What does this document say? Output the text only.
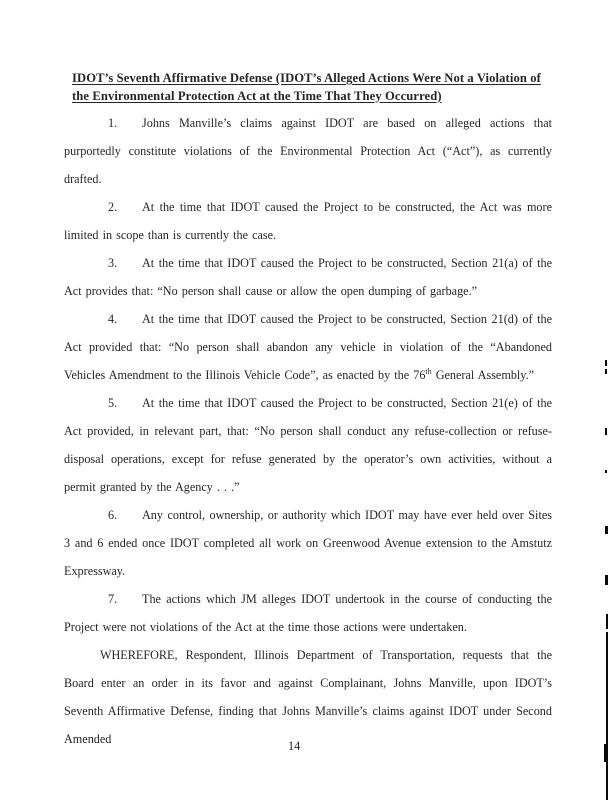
IDOT’s Seventh Affirmative Defense (IDOT’s Alleged Actions Were Not a Violation of the Environmental Protection Act at the Time That They Occurred)

1. Johns Manville’s claims against IDOT are based on alleged actions that purportedly constitute violations of the Environmental Protection Act (“Act”), as currently drafted.

2. At the time that IDOT caused the Project to be constructed, the Act was more limited in scope than is currently the case.

3. At the time that IDOT caused the Project to be constructed, Section 21(a) of the Act provides that: “No person shall cause or allow the open dumping of garbage.”

4. At the time that IDOT caused the Project to be constructed, Section 21(d) of the Act provided that: “No person shall abandon any vehicle in violation of the “Abandoned Vehicles Amendment to the Illinois Vehicle Code”, as enacted by the 76th General Assembly.”

5. At the time that IDOT caused the Project to be constructed, Section 21(e) of the Act provided, in relevant part, that: “No person shall conduct any refuse-collection or refuse-disposal operations, except for refuse generated by the operator’s own activities, without a permit granted by the Agency . . .”

6. Any control, ownership, or authority which IDOT may have ever held over Sites 3 and 6 ended once IDOT completed all work on Greenwood Avenue extension to the Amstutz Expressway.

7. The actions which JM alleges IDOT undertook in the course of conducting the Project were not violations of the Act at the time those actions were undertaken.

WHEREFORE, Respondent, Illinois Department of Transportation, requests that the Board enter an order in its favor and against Complainant, Johns Manville, upon IDOT’s Seventh Affirmative Defense, finding that Johns Manville’s claims against IDOT under Second Amended	14
